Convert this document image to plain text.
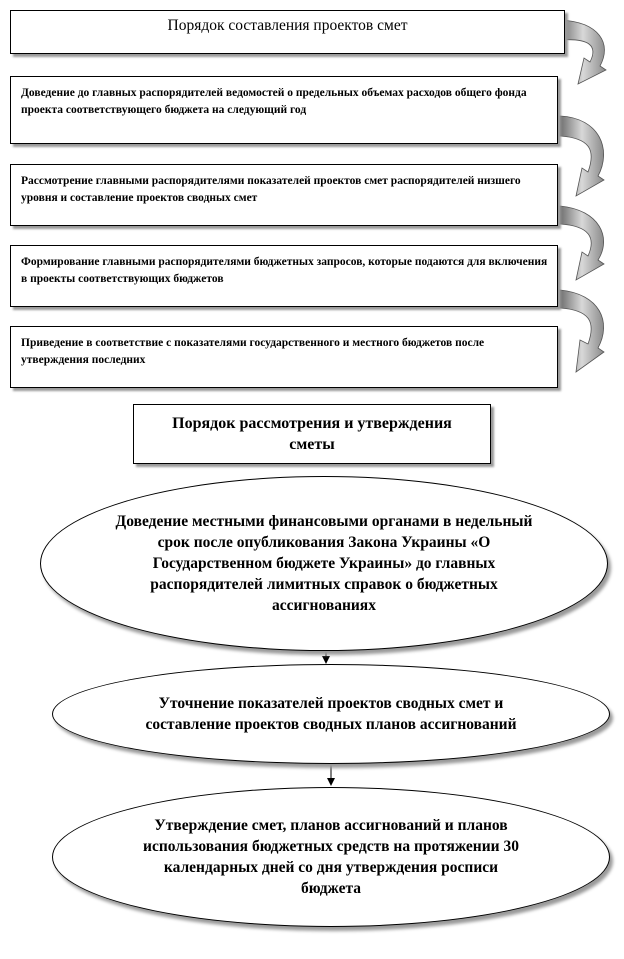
Порядок составления проектов смет
Доведение до главных распорядителей ведомостей о предельных объемах расходов общего фонда проекта соответствующего бюджета на следующий год
Рассмотрение главными распорядителями показателей проектов смет распорядителей низшего уровня и составление проектов сводных смет
Формирование главными распорядителями бюджетных запросов, которые подаются для включения в проекты соответствующих бюджетов
Приведение в соответствие с показателями государственного и местного бюджетов после утверждения последних
Порядок рассмотрения и утверждения сметы
Доведение местными финансовыми органами в недельный срок после опубликования Закона Украины «О Государственном бюджете Украины» до главных распорядителей лимитных справок о бюджетных ассигнованиях
Уточнение показателей проектов сводных смет и составление проектов сводных планов ассигнований
Утверждение смет, планов ассигнований и планов использования бюджетных средств на протяжении 30 календарных дней со дня утверждения росписи бюджета
